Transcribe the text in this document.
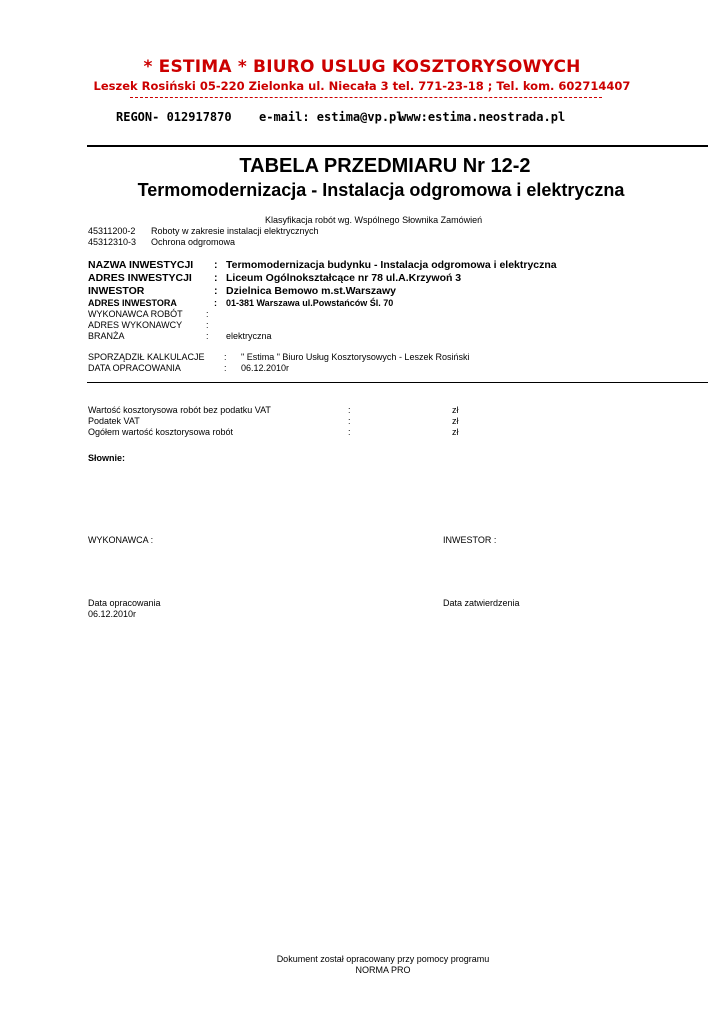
* ESTIMA * BIURO USLUG KOSZTORYSOWYCH
Leszek Rosiński 05-220 Zielonka ul. Niecała 3 tel. 771-23-18 ; Tel. kom. 602714407
REGON- 012917870 e-mail: estima@vp.pl
www:estima.neostrada.pl
TABELA PRZEDMIARU Nr 12-2
Termomodernizacja - Instalacja odgromowa i elektryczna
Klasyfikacja robót wg. Wspólnego Słownika Zamówień
45311200-2 Roboty w zakresie instalacji elektrycznych
45312310-3 Ochrona odgromowa
NAZWA INWESTYCJI : Termomodernizacja budynku - Instalacja odgromowa i elektryczna
ADRES INWESTYCJI : Liceum Ogólnokształcące nr 78 ul.A.Krzywoń 3
INWESTOR	: Dzielnica Bemowo m.st.Warszawy
ADRES INWESTORA	: 01-381 Warszawa ul.Powstańców Śl. 70
WYKONAWCA ROBÓT	:
ADRES WYKONAWCY	:
BRANŻA	: elektryczna
SPORZĄDZIŁ KALKULACJE : " Estima " Biuro Usług Kosztorysowych - Leszek Rosiński
DATA OPRACOWANIA	: 06.12.2010r
Wartość kosztorysowa robót bez podatku VAT	:	zł
Podatek VAT	:	zł
Ogółem wartość kosztorysowa robót	:	zł
Słownie:
WYKONAWCA :	INWESTOR :
Data opracowania
06.12.2010r
Data zatwierdzenia
Dokument został opracowany przy pomocy programu
NORMA PRO
